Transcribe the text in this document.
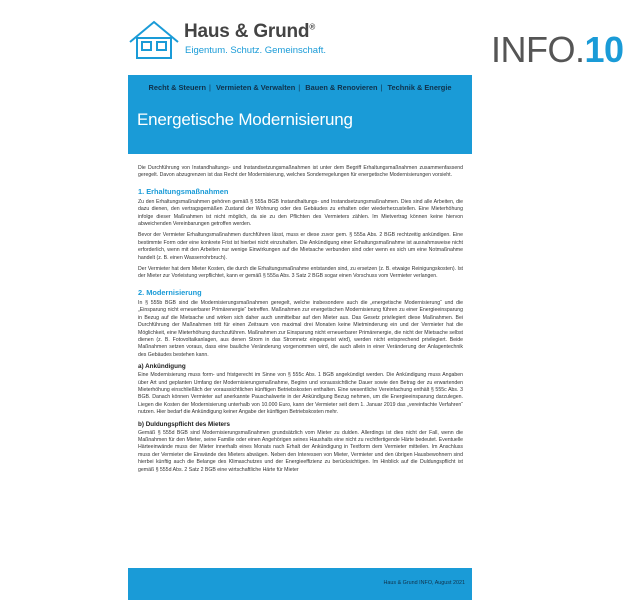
Haus & Grund®
Eigentum. Schutz. Gemeinschaft.	INFO.10
Recht & Steuern | Vermieten & Verwalten | Bauen & Renovieren | Technik & Energie
Energetische Modernisierung

Die Durchführung von Instandhaltungs- und Instandsetzungsmaßnahmen ist unter dem Begriff Erhaltungsmaßnahmen zusammenfassend geregelt. Davon abzugrenzen ist das Recht der Modernisierung, welches Sonderregelungen für energetische Modernisierungen vorsieht.

1. Erhaltungsmaßnahmen

Zu den Erhaltungsmaßnahmen gehören gemäß § 555a BGB Instandhaltungs- und Instandsetzungsmaßnahmen. Dies sind alle Arbeiten, die dazu dienen, den vertragsgemäßen Zustand der Wohnung oder des Gebäudes zu erhalten oder wiederherzustellen. Eine Mieterhöhung infolge dieser Maßnahmen ist nicht möglich, da sie zu den Pflichten des Vermieters zählen. Im Mietvertrag können keine hiervon abweichenden Vereinbarungen getroffen werden.

Bevor der Vermieter Erhaltungsmaßnahmen durchführen lässt, muss er diese zuvor gem. § 555a Abs. 2 BGB rechtzeitig ankündigen. Eine bestimmte Form oder eine konkrete Frist ist hierbei nicht einzuhalten. Die Ankündigung einer Erhaltungsmaßnahme ist ausnahmsweise nicht erforderlich, wenn mit den Arbeiten nur wenige Einwirkungen auf die Mietsache verbunden sind oder wenn es sich um eine Notmaßnahme handelt (z. B. einen Wasserrohrbruch).

Der Vermieter hat dem Mieter Kosten, die durch die Erhaltungsmaßnahme entstanden sind, zu ersetzen (z. B. etwaige Reinigungskosten). Ist der Mieter zur Vorleistung verpflichtet, kann er gemäß § 555a Abs. 3 Satz 2 BGB sogar einen Vorschuss vom Vermieter verlangen.

2. Modernisierung

In § 555b BGB sind die Modernisierungsmaßnahmen geregelt, welche insbesondere auch die „energetische Modernisierung“ und die „Einsparung nicht erneuerbarer Primärenergie“ betreffen. Maßnahmen zur energetischen Modernisierung führen zu einer Energieeinsparung in Bezug auf die Mietsache und wirken sich daher auch unmittelbar auf den Mieter aus. Das Gesetz privilegiert diese Maßnahmen. Bei Durchführung der Maßnahmen tritt für einen Zeitraum von maximal drei Monaten keine Mietminderung ein und der Vermieter hat die Möglichkeit, eine Mieterhöhung durchzuführen. Maßnahmen zur Einsparung nicht erneuerbarer Primärenergie, die nicht der Mietsache selbst dienen (z. B. Fotovoltaikanlagen, aus denen Strom in das Stromnetz eingespeist wird), werden nicht entsprechend privilegiert. Beide Maßnahmen setzen voraus, dass eine bauliche Veränderung vorgenommen wird, die auch allein in einer Veränderung der Anlagentechnik des Gebäudes bestehen kann.

a) Ankündigung

Eine Modernisierung muss form- und fristgerecht im Sinne von § 555c Abs. 1 BGB angekündigt werden. Die Ankündigung muss Angaben über Art und geplanten Umfang der Modernisierungsmaßnahme, Beginn und voraussichtliche Dauer sowie den Betrag der zu erwartenden Mieterhöhung einschließlich der voraussichtlichen künftigen Betriebskosten enthalten. Eine wesentliche Vereinfachung enthält § 555c Abs. 3 BGB. Danach können Vermieter auf anerkannte Pauschalwerte in der Ankündigung Bezug nehmen, um die Energieeinsparung darzulegen. Liegen die Kosten der Modernisierung unterhalb von 10.000 Euro, kann der Vermieter seit dem 1. Januar 2019 das „vereinfachte Verfahren“ nutzen. Hier bedarf die Ankündigung keiner Angabe der künftigen Betriebskosten mehr.

b) Duldungspflicht des Mieters

Gemäß § 555d BGB sind Modernisierungsmaßnahmen grundsätzlich vom Mieter zu dulden. Allerdings ist dies nicht der Fall, wenn die Maßnahmen für den Mieter, seine Familie oder einen Angehörigen seines Haushalts eine nicht zu rechtfertigende Härte bedeutet. Eventuelle Härteeinwände muss der Mieter innerhalb eines Monats nach Erhalt der Ankündigung in Textform dem Vermieter mitteilen. Im Anschluss muss der Vermieter die Einwände des Mieters abwägen. Neben den Interessen von Mieter, Vermieter und den übrigen Hausbewohnern sind hierbei künftig auch die Belange des Klimaschutzes und der Energieeffizienz zu berücksichtigen. Im Hinblick auf die Duldungspflicht ist gemäß § 555d Abs. 2 Satz 2 BGB eine wirtschaftliche Härte für Mieter

Haus & Grund INFO, August 2021
